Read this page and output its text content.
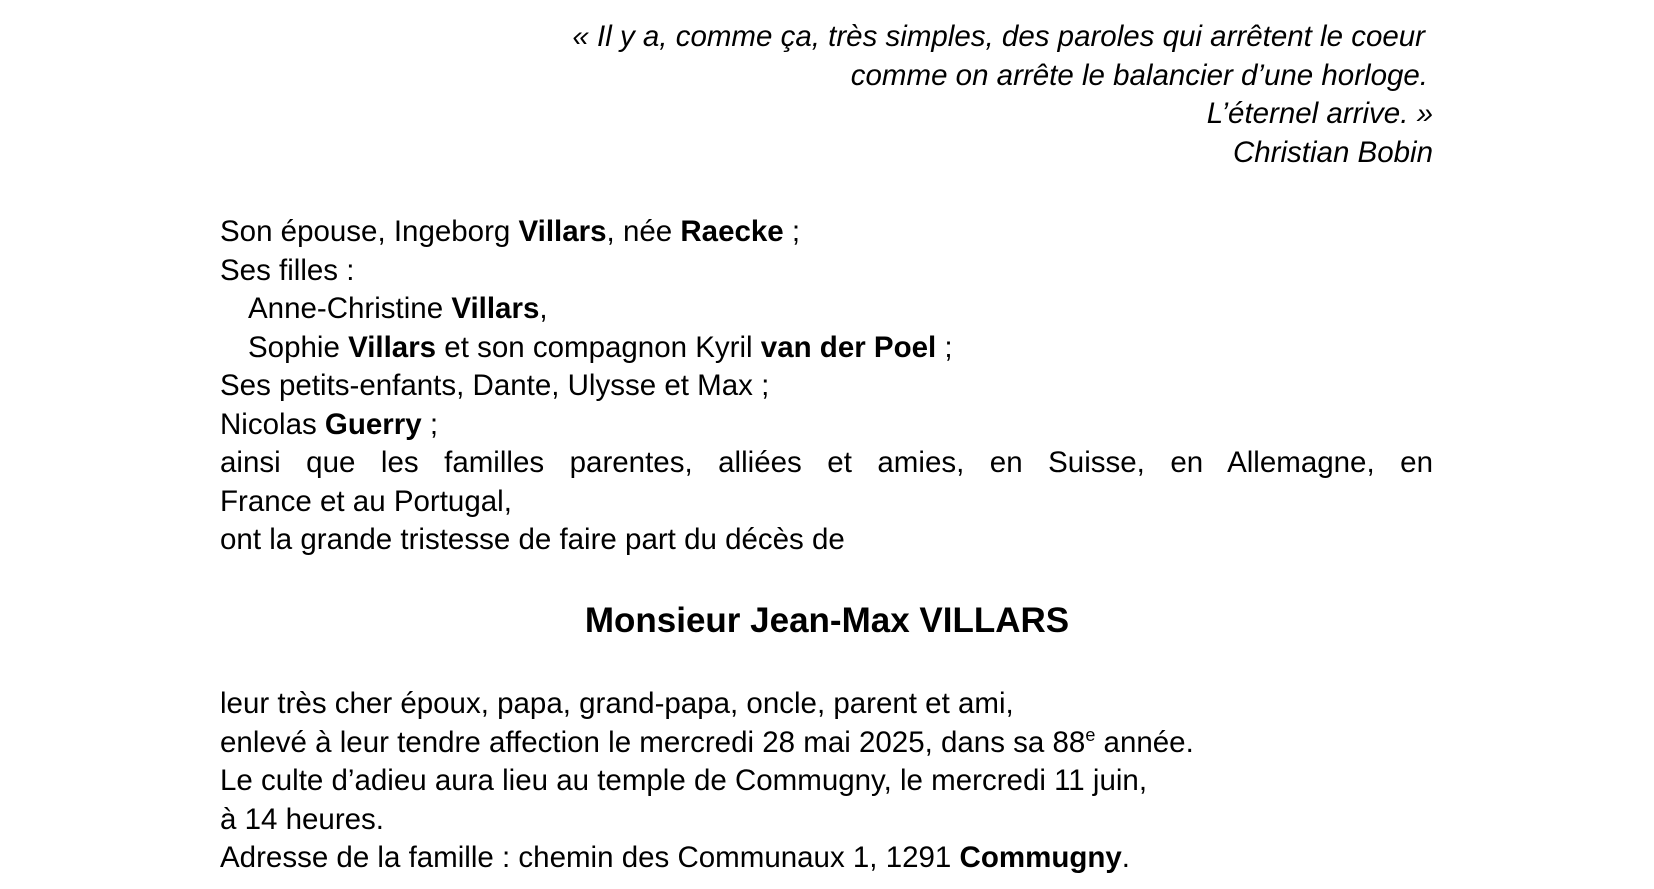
« Il y a, comme ça, très simples, des paroles qui arrêtent le coeur
comme on arrête le balancier d’une horloge.
L’éternel arrive. »
Christian Bobin
Son épouse, Ingeborg Villars, née Raecke ;
Ses filles :
Anne-Christine Villars,
Sophie Villars et son compagnon Kyril van der Poel ;
Ses petits-enfants, Dante, Ulysse et Max ;
Nicolas Guerry ;
ainsi que les familles parentes, alliées et amies, en Suisse, en Allemagne, en
France et au Portugal,
ont la grande tristesse de faire part du décès de
Monsieur Jean-Max VILLARS
leur très cher époux, papa, grand-papa, oncle, parent et ami,
enlevé à leur tendre affection le mercredi 28 mai 2025, dans sa 88e année.
Le culte d’adieu aura lieu au temple de Commugny, le mercredi 11 juin,
à 14 heures.
Adresse de la famille : chemin des Communaux 1, 1291 Commugny.
